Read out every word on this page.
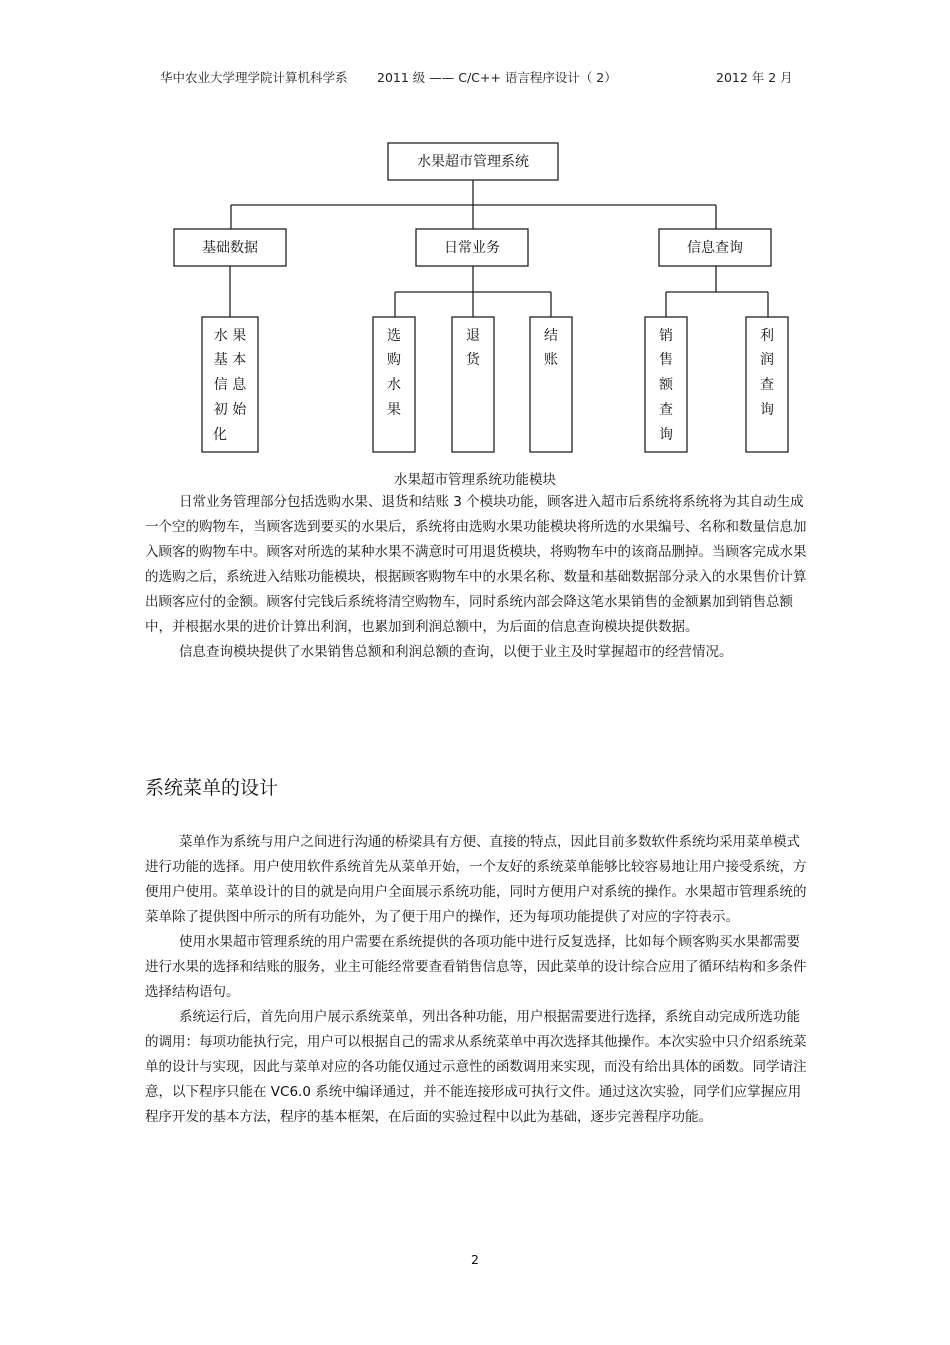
华中农业大学理学院计算机科学系 2011 级 —— C/C++ 语言程序设计（ 2）	2012 年 2 月
水果超市管理系统
基础数据	日常业务	信息查询
水 果
基 本
信 息
初 始
化
选
购
水
果
退
货
结
账
销
售
额
查
询
利
润
查
询
水果超市管理系统功能模块

日常业务管理部分包括选购水果、退货和结账 3 个模块功能，顾客进入超市后系统将系统将为其自动生成一个空的购物车，当顾客选到要买的水果后，系统将由选购水果功能模块将所选的水果编号、名称和数量信息加入顾客的购物车中。顾客对所选的某种水果不满意时可用退货模块，将购物车中的该商品删掉。当顾客完成水果的选购之后，系统进入结账功能模块，根据顾客购物车中的水果名称、数量和基础数据部分录入的水果售价计算出顾客应付的金额。顾客付完钱后系统将清空购物车，同时系统内部会降这笔水果销售的金额累加到销售总额中，并根据水果的进价计算出利润，也累加到利润总额中，为后面的信息查询模块提供数据。

信息查询模块提供了水果销售总额和利润总额的查询，以便于业主及时掌握超市的经营情况。

系统菜单的设计

菜单作为系统与用户之间进行沟通的桥梁具有方便、直接的特点，因此目前多数软件系统均采用菜单模式进行功能的选择。用户使用软件系统首先从菜单开始，一个友好的系统菜单能够比较容易地让用户接受系统，方便用户使用。菜单设计的目的就是向用户全面展示系统功能，同时方便用户对系统的操作。水果超市管理系统的菜单除了提供图中所示的所有功能外，为了便于用户的操作，还为每项功能提供了对应的字符表示。

使用水果超市管理系统的用户需要在系统提供的各项功能中进行反复选择，比如每个顾客购买水果都需要进行水果的选择和结账的服务，业主可能经常要查看销售信息等，因此菜单的设计综合应用了循环结构和多条件选择结构语句。

系统运行后，首先向用户展示系统菜单，列出各种功能，用户根据需要进行选择，系统自动完成所选功能的调用：每项功能执行完，用户可以根据自己的需求从系统菜单中再次选择其他操作。本次实验中只介绍系统菜单的设计与实现，因此与菜单对应的各功能仅通过示意性的函数调用来实现，而没有给出具体的函数。同学请注意，以下程序只能在 VC6.0 系统中编译通过，并不能连接形成可执行文件。通过这次实验，同学们应掌握应用程序开发的基本方法，程序的基本框架，在后面的实验过程中以此为基础，逐步完善程序功能。

2
